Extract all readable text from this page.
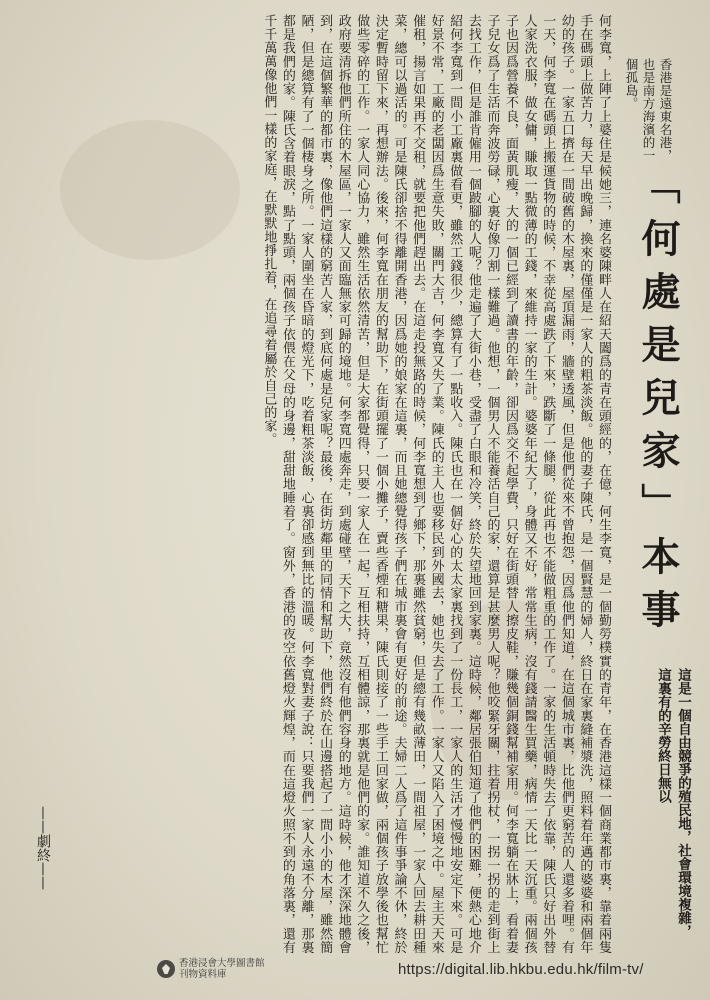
何李寬，上陣了上婆住是候她三，連名婆陳畔人在紹天闔爲的青在頭經的，在億，何生李寬，是一個勤勞樸實的青年，在香港這樣一個商業都市裏，靠着兩隻手在碼頭上做苦力，每天早出晚歸，換來的僅僅是一家人的粗茶淡飯。他的妻子陳氏，是一個賢慧的婦人，終日在家裏縫補漿洗，照料着年邁的婆婆和兩個年幼的孩子。一家五口擠在一間破舊的木屋裏，屋頂漏雨，牆壁透風，但是他們從來不曾抱怨，因爲他們知道，在這個城市裏，比他們更窮苦的人還多着哩。有一天，何李寬在碼頭上搬運貨物的時候，不幸從高處跌了下來，跌斷了一條腿，從此再也不能做粗重的工作了。一家的生活頓時失去了依靠，陳氏只好出外替人家洗衣服，做女傭，賺取一點微薄的工錢，來維持一家的生計。婆婆年紀大了，身體又不好，常常生病，沒有錢請醫生買藥，病情一天比一天沉重。兩個孩子也因爲營養不良，面黃肌瘦，大的一個已經到了讀書的年齡，卻因爲交不起學費，只好在街頭替人擦皮鞋，賺幾個銅錢幫補家用。何李寬躺在牀上，看着妻子兒女爲了生活而奔波勞碌，心裏好像刀割一樣難過。他想，一個男人不能養活自己的家，還算是甚麼男人呢？他咬緊牙關，拄着拐杖，一拐一拐的走到街上去找工作，但是誰肯僱用一個跛腳的人呢？他走遍了大街小巷，受盡了白眼和冷笑，終於失望地回到家裏。這時候，鄰居張伯知道了他們的困難，便熱心地介紹何李寬到一間小工廠裏做看更，雖然工錢很少，總算有了一點收入。陳氏也在一個好心的太太家裏找到了一份長工，一家人的生活才慢慢地安定下來。可是好景不常，工廠的老闆因爲生意失敗，關門大吉，何李寬又失了業。陳氏的主人也要移民到外國去，她也失去了工作。一家人又陷入了困境之中。屋主天天來催租，揚言如果再不交租，就要把他們趕出去。在這走投無路的時候，何李寬想到了鄉下，那裏雖然貧窮，但是總有幾畝薄田，一間祖屋，一家人回去耕田種菜，總可以過活的。可是陳氏卻捨不得離開香港，因爲她的娘家在這裏，而且她總覺得孩子們在城市裏會有更好的前途。夫婦二人爲了這件事爭論不休，終於決定暫時留下來，再想辦法。後來，何李寬在朋友的幫助下，在街頭擺了一個小攤子，賣些香煙和糖果，陳氏則接了一些手工回家做，兩個孩子放學後也幫忙做些零碎的工作。一家人同心協力，雖然生活依然清苦，但是大家都覺得，只要一家人在一起，互相扶持，互相體諒，那裏就是他們的家。誰知道不久之後，政府要清拆他們所住的木屋區，一家人又面臨無家可歸的境地。何李寬四處奔走，到處碰壁，天下之大，竟然沒有他們容身的地方。這時候，他才深深地體會到，在這個繁華的都市裏，像他們這樣的窮苦人家，到底何處是兒家呢？最後，在街坊鄰里的同情和幫助下，他們終於在山邊搭起了一間小小的木屋，雖然簡陋，但是總算有了一個棲身之所。一家人圍坐在昏暗的燈光下，吃着粗茶淡飯，心裏卻感到無比的溫暖。何李寬對妻子說：只要我們一家人永遠不分離，那裏都是我們的家。陳氏含着眼淚，點了點頭，兩個孩子依偎在父母的身邊，甜甜地睡着了。窗外，香港的夜空依舊燈火輝煌，而在這燈火照不到的角落裏，還有千千萬萬像他們一樣的家庭，在默默地掙扎着，在追尋着屬於自己的家。	香港是遠東名港，也是南方海濱的一個孤島。
「何處是兒家」本事
這是一個自由競爭的殖民地，社會環境複雜，這裏有的辛勞終日無以
——劇終——
香港浸會大學圖書館
刊物資料庫	https://digital.lib.hkbu.edu.hk/film-tv/
